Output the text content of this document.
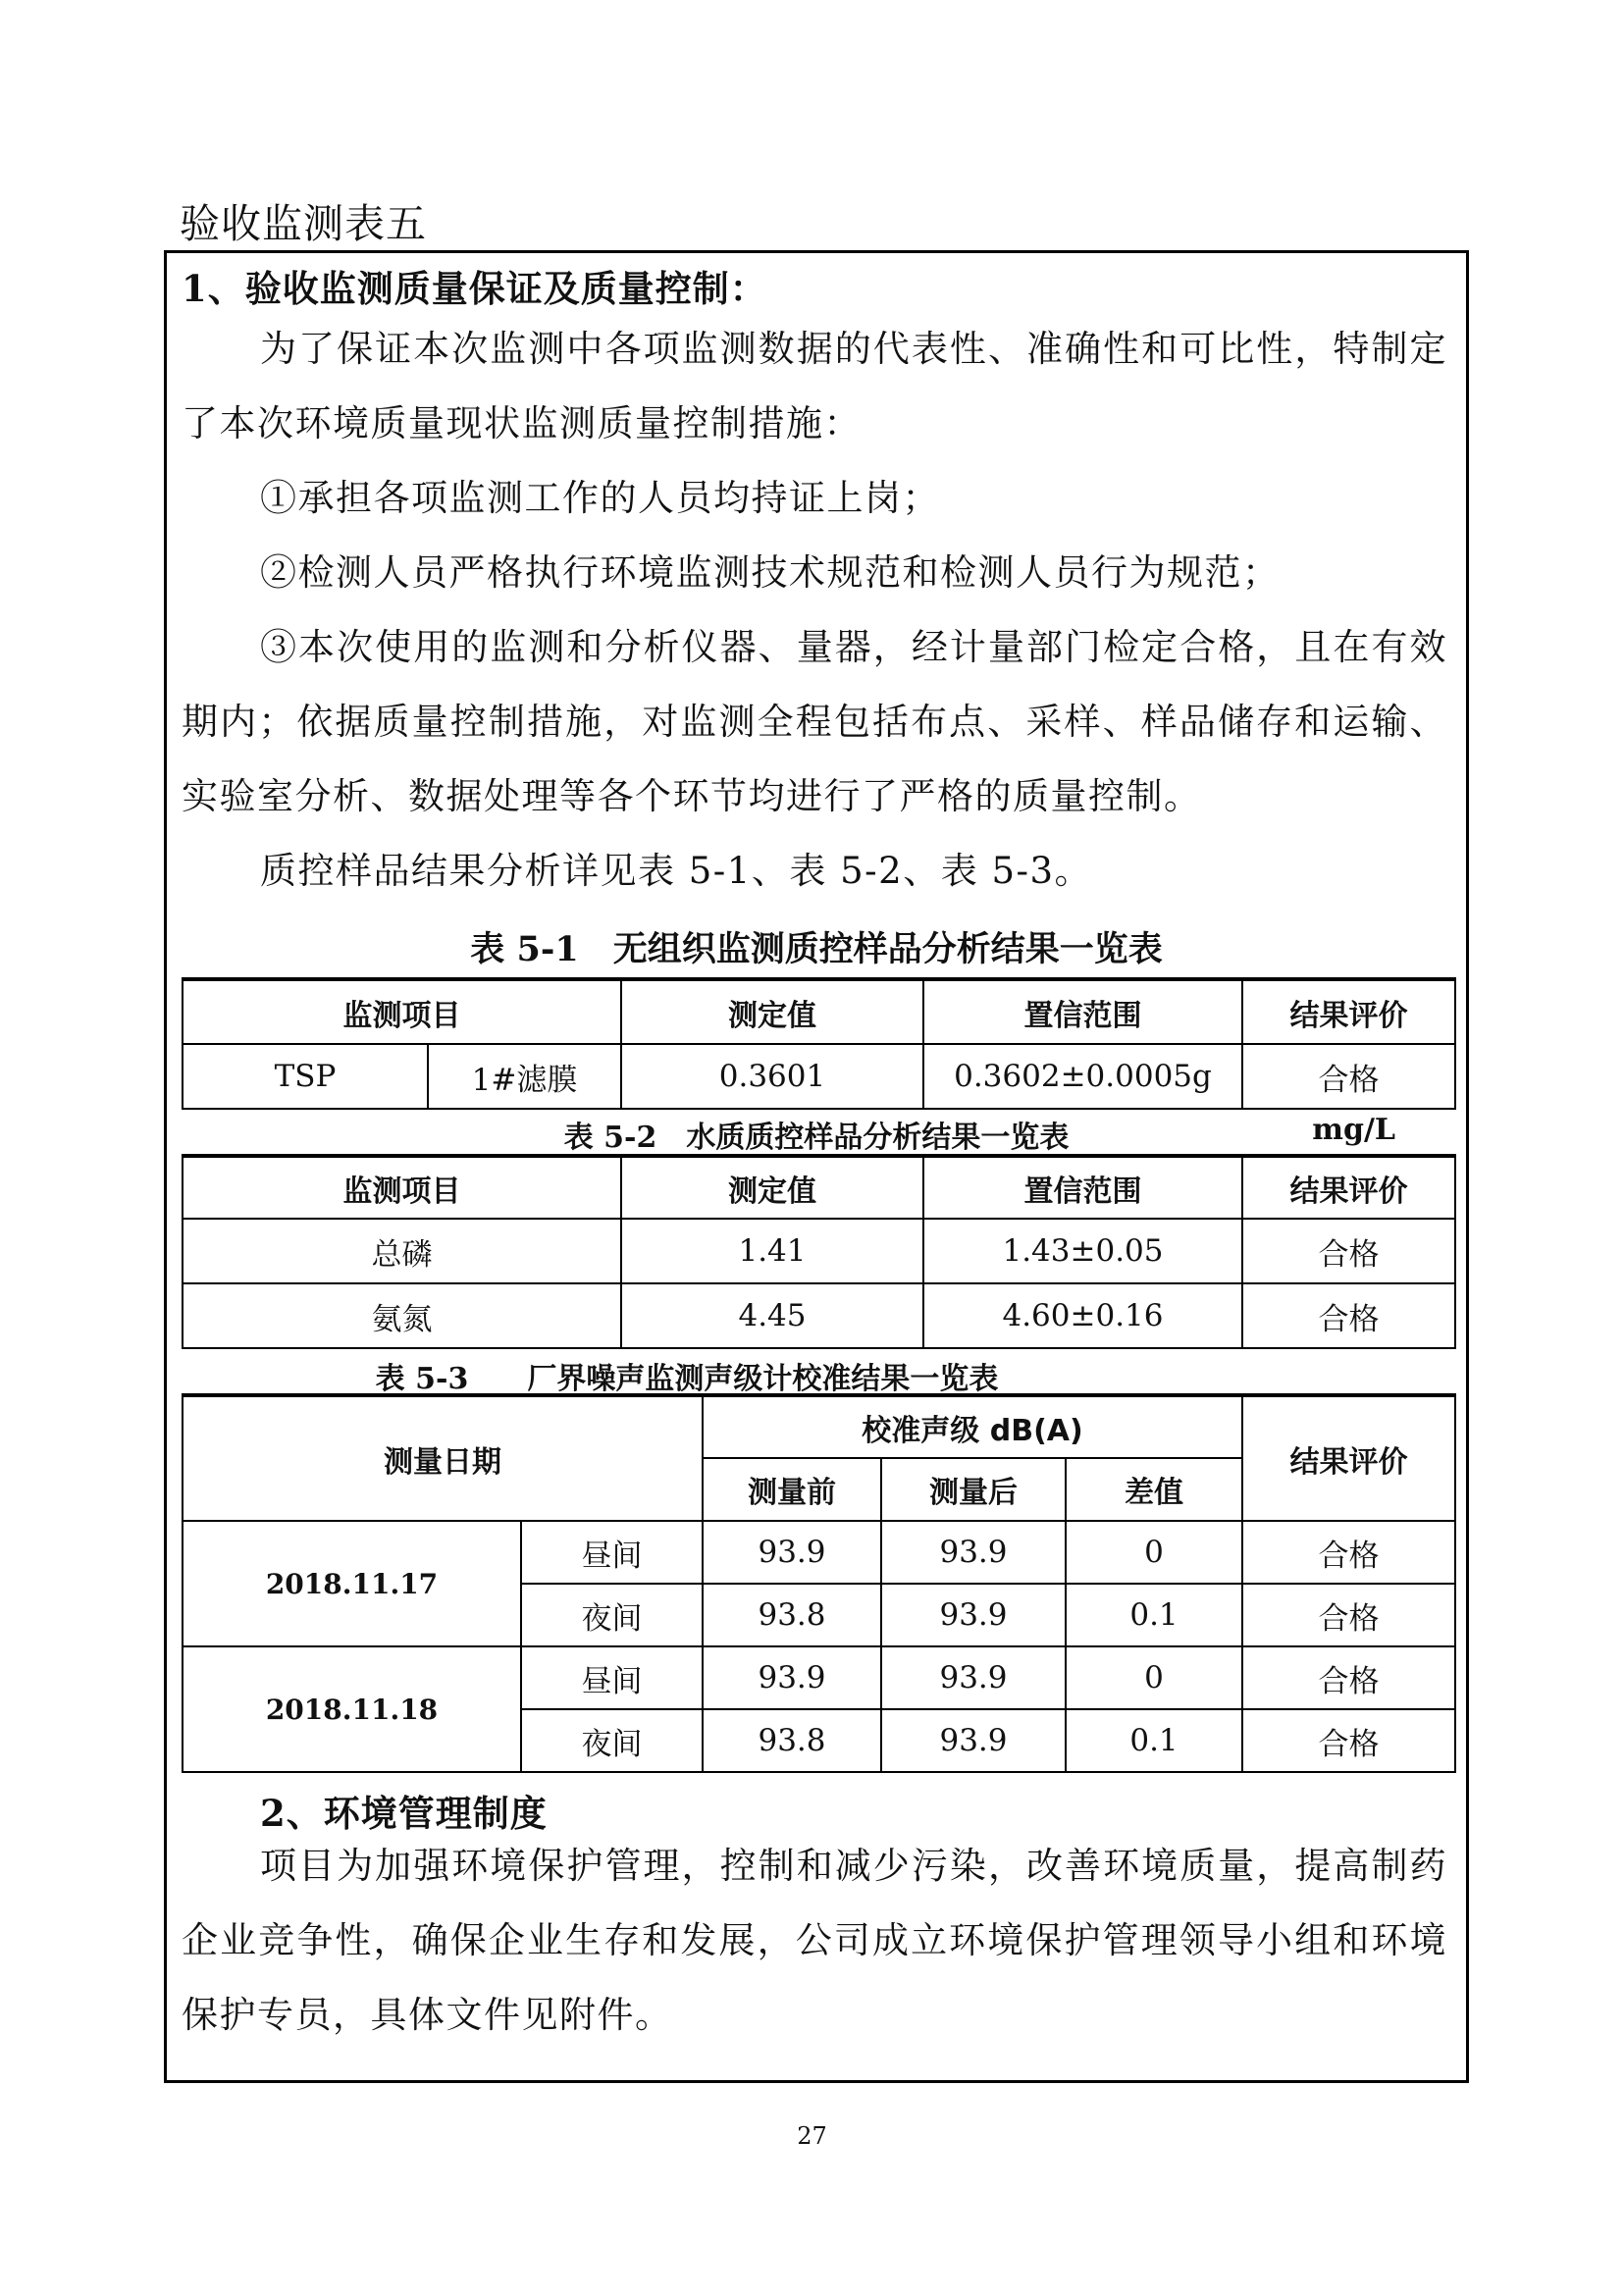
验收监测表五
1、验收监测质量保证及质量控制：

为了保证本次监测中各项监测数据的代表性、准确性和可比性，特制定了本次环境质量现状监测质量控制措施：

①承担各项监测工作的人员均持证上岗；

②检测人员严格执行环境监测技术规范和检测人员行为规范；

③本次使用的监测和分析仪器、量器，经计量部门检定合格，且在有效期内；依据质量控制措施，对监测全程包括布点、采样、样品储存和运输、实验室分析、数据处理等各个环节均进行了严格的质量控制。

质控样品结果分析详见表 5-1、表 5-2、表 5-3。

表 5-1　无组织监测质控样品分析结果一览表

监测项目		测定值	置信范围	结果评价
TSP	1#滤膜	0.3601	0.3602±0.0005g	合格

表 5-2　水质质控样品分析结果一览表	mg/L
监测项目	测定值	置信范围	结果评价
总磷	1.41	1.43±0.05	合格
氨氮	4.45	4.60±0.16	合格

表 5-3　　厂界噪声监测声级计校准结果一览表

测量日期		校准声级 dB(A)			结果评价
		测量前	测量后	差值	
2018.11.17	昼间	93.9	93.9	0	合格
	夜间	93.8	93.9	0.1	合格
2018.11.18	昼间	93.9	93.9	0	合格
	夜间	93.8	93.9	0.1	合格
2、环境管理制度

项目为加强环境保护管理，控制和减少污染，改善环境质量，提高制药企业竞争性，确保企业生存和发展，公司成立环境保护管理领导小组和环境保护专员，具体文件见附件。

27
